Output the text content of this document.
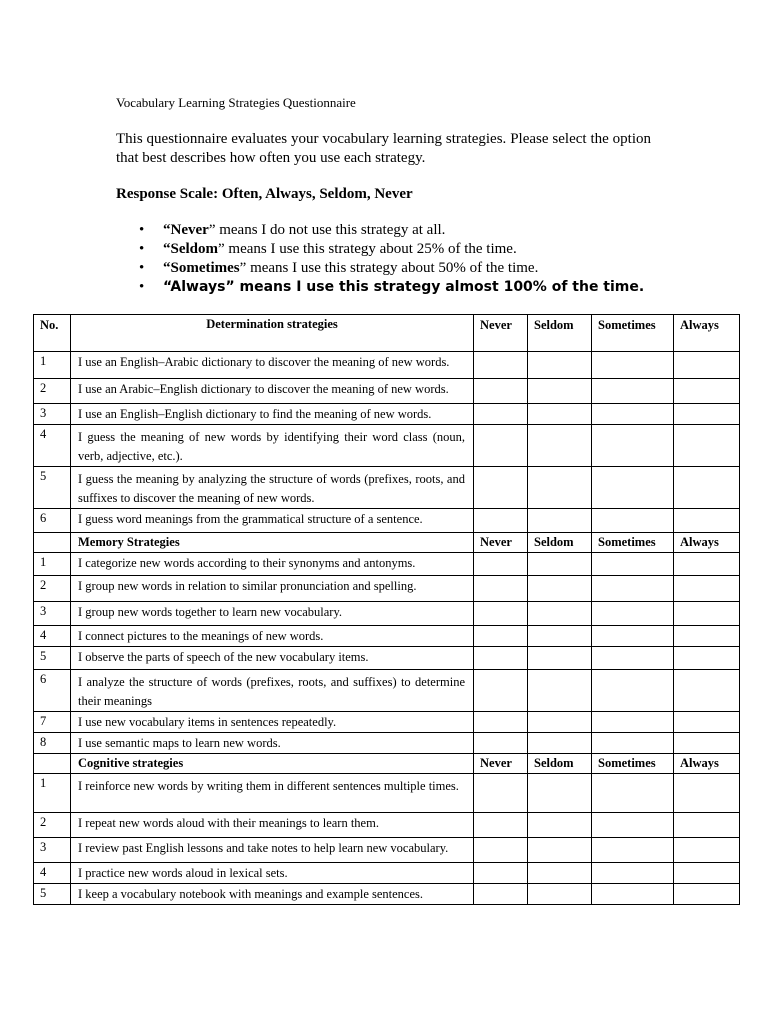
Vocabulary Learning Strategies Questionnaire
This questionnaire evaluates your vocabulary learning strategies. Please select the option that best describes how often you use each strategy.
Response Scale: Often, Always, Seldom, Never
• “Never” means I do not use this strategy at all.
• “Seldom” means I use this strategy about 25% of the time.
• “Sometimes” means I use this strategy about 50% of the time.
• “Always” means I use this strategy almost 100% of the time.
No.	Determination strategies	Never	Seldom	Sometimes	Always
1	I use an English–Arabic dictionary to discover the meaning of new words.				
2	I use an Arabic–English dictionary to discover the meaning of new words.				
3	I use an English–English dictionary to find the meaning of new words.				
4	I guess the meaning of new words by identifying their word class (noun, verb, adjective, etc.).				
5	I guess the meaning by analyzing the structure of words (prefixes, roots, and suffixes to discover the meaning of new words.				
6	I guess word meanings from the grammatical structure of a sentence.				
	Memory Strategies	Never	Seldom	Sometimes	Always
1	I categorize new words according to their synonyms and antonyms.				
2	I group new words in relation to similar pronunciation and spelling.				
3	I group new words together to learn new vocabulary.				
4	I connect pictures to the meanings of new words.				
5	I observe the parts of speech of the new vocabulary items.				
6	I analyze the structure of words (prefixes, roots, and suffixes) to determine their meanings				
7	I use new vocabulary items in sentences repeatedly.				
8	I use semantic maps to learn new words.				
	Cognitive strategies	Never	Seldom	Sometimes	Always
1	I reinforce new words by writing them in different sentences multiple times.				
2	I repeat new words aloud with their meanings to learn them.				
3	I review past English lessons and take notes to help learn new vocabulary.				
4	I practice new words aloud in lexical sets.				
5	I keep a vocabulary notebook with meanings and example sentences.				
